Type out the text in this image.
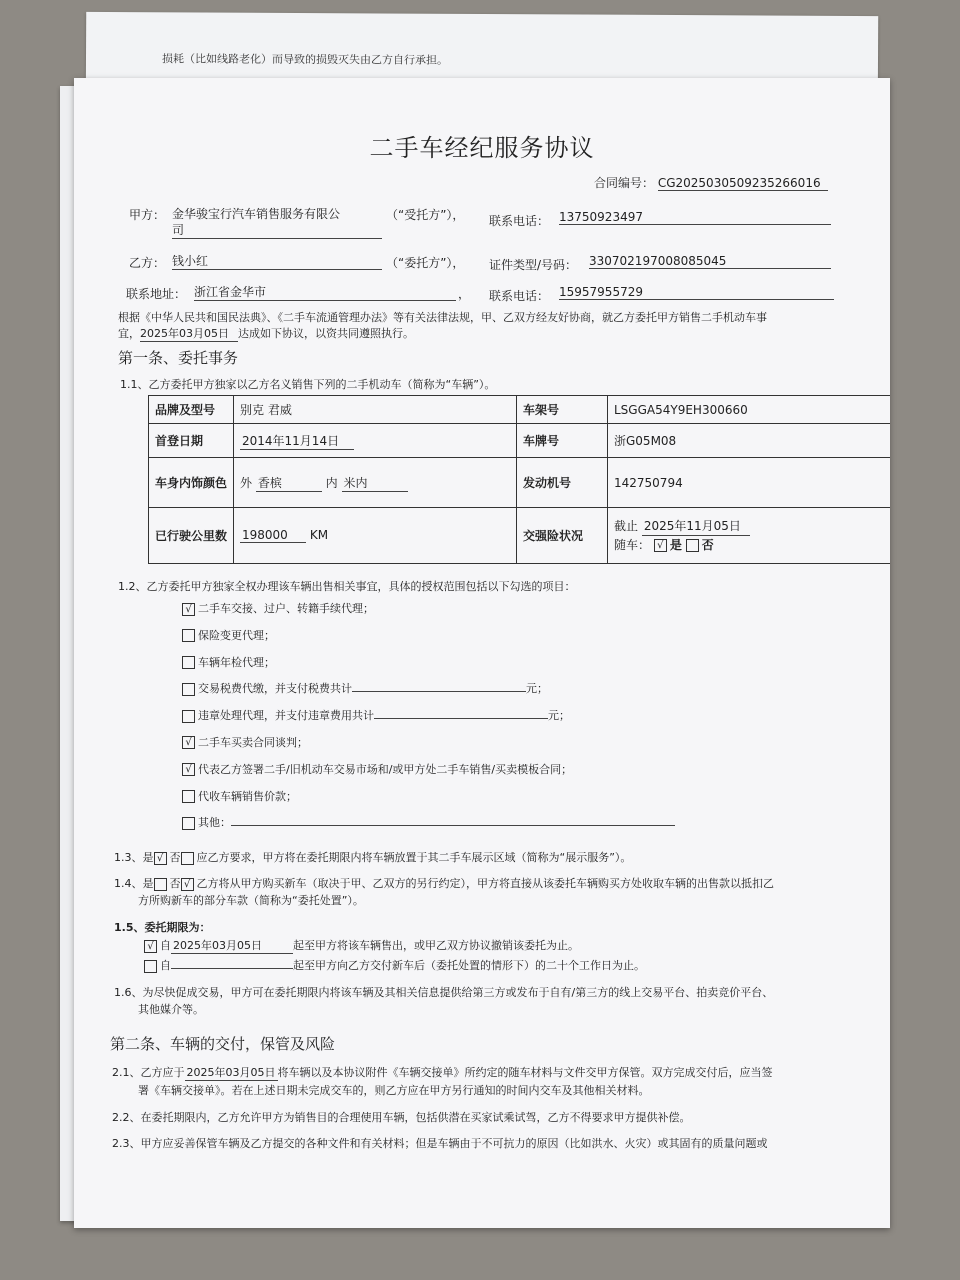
损耗（比如线路老化）而导致的损毁灭失由乙方自行承担。
二手车经纪服务协议
合同编号： CG2025030509235266016
甲方： 金华骏宝行汽车销售服务有限公
司
（“受托方”）， 联系电话： 13750923497
乙方： 钱小红	（“委托方”）， 证件类型/号码： 330702197008085045
联系地址： 浙江省金华市	， 联系电话： 15957955729
根据《中华人民共和国民法典》、《二手车流通管理办法》等有关法律法规，甲、乙双方经友好协商，就乙方委托甲方销售二手机动车事
宜，2025年03月05日 达成如下协议，以资共同遵照执行。
第一条、委托事务
1.1、乙方委托甲方独家以乙方名义销售下列的二手机动车（简称为“车辆”）。
品牌及型号	别克 君威	车架号	LSGGA54Y9EH300660
首登日期	2014年11月14日	车牌号	浙G05M08
车身内饰颜色	外 香槟 内 米内	发动机号	142750794
已行驶公里数	198000 KM	交强险状况	截止 2025年11月05日
随车： √ 是 否
1.2、乙方委托甲方独家全权办理该车辆出售相关事宜，具体的授权范围包括以下勾选的项目：
√ 二手车交接、过户、转籍手续代理；
保险变更代理；
车辆年检代理；
交易税费代缴，并支付税费共计	元；
违章处理代理，并支付违章费用共计	元；
√ 二手车买卖合同谈判；
√ 代表乙方签署二手/旧机动车交易市场和/或甲方处二手车销售/买卖模板合同；
代收车辆销售价款；
其他：
1.3、是 √ 否 应乙方要求，甲方将在委托期限内将车辆放置于其二手车展示区域（简称为“展示服务”）。
1.4、是 否 √ 乙方将从甲方购买新车（取决于甲、乙双方的另行约定），甲方将直接从该委托车辆购买方处收取车辆的出售款以抵扣乙
方所购新车的部分车款（简称为“委托处置”）。
1.5、委托期限为：
√ 自 2025年03月05日	起至甲方将该车辆售出，或甲乙双方协议撤销该委托为止。
自	起至甲方向乙方交付新车后（委托处置的情形下）的二十个工作日为止。
1.6、为尽快促成交易，甲方可在委托期限内将该车辆及其相关信息提供给第三方或发布于自有/第三方的线上交易平台、拍卖竞价平台、
其他媒介等。
第二条、车辆的交付，保管及风险
2.1、乙方应于 2025年03月05日 将车辆以及本协议附件《车辆交接单》所约定的随车材料与文件交甲方保管。双方完成交付后，应当签
署《车辆交接单》。若在上述日期未完成交车的，则乙方应在甲方另行通知的时间内交车及其他相关材料。
2.2、在委托期限内，乙方允许甲方为销售目的合理使用车辆，包括供潜在买家试乘试驾，乙方不得要求甲方提供补偿。
2.3、甲方应妥善保管车辆及乙方提交的各种文件和有关材料；但是车辆由于不可抗力的原因（比如洪水、火灾）或其固有的质量问题或
